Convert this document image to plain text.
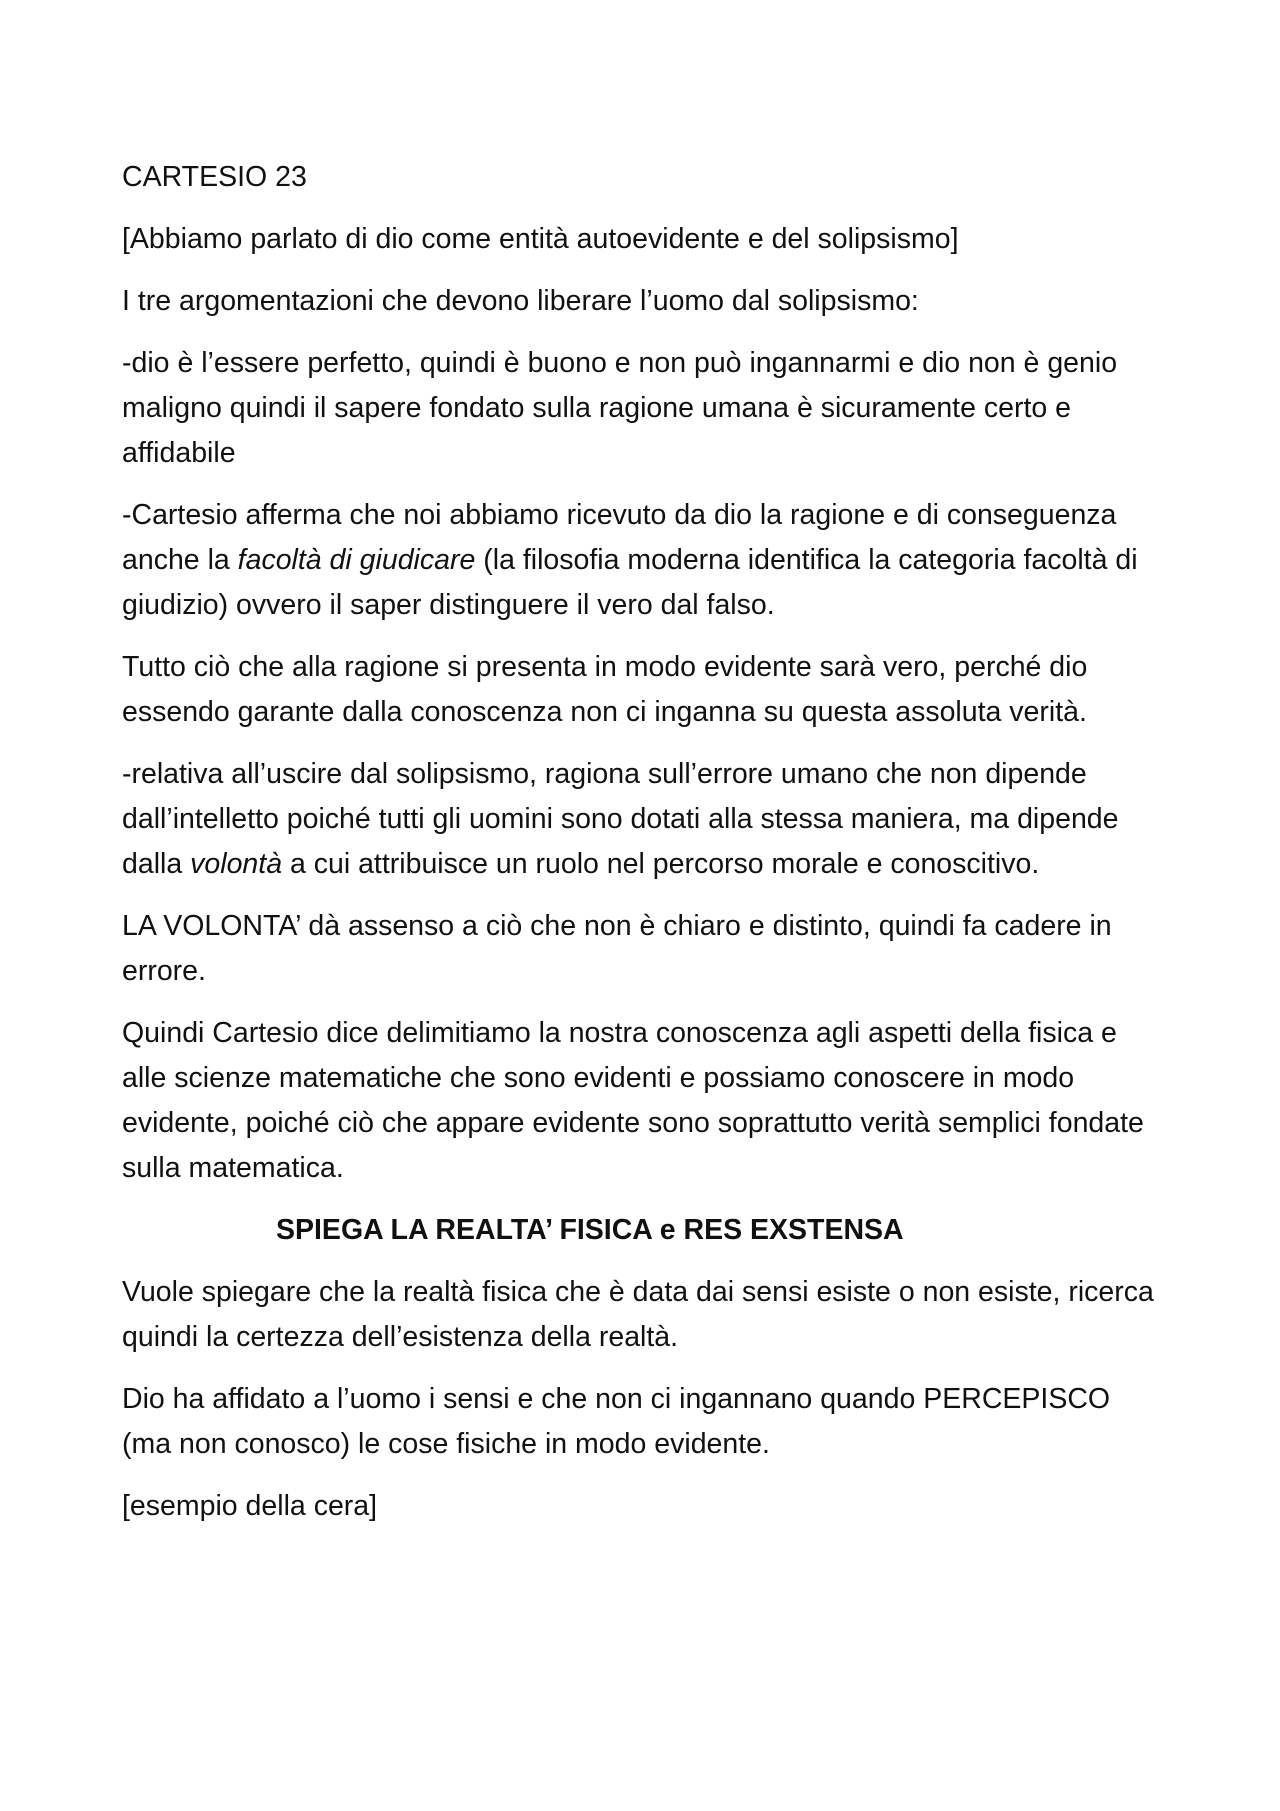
CARTESIO 23

[Abbiamo parlato di dio come entità autoevidente e del solipsismo]

I tre argomentazioni che devono liberare l’uomo dal solipsismo:

-dio è l’essere perfetto, quindi è buono e non può ingannarmi e dio non è genio maligno quindi il sapere fondato sulla ragione umana è sicuramente certo e affidabile

-Cartesio afferma che noi abbiamo ricevuto da dio la ragione e di conseguenza anche la facoltà di giudicare (la filosofia moderna identifica la categoria facoltà di giudizio) ovvero il saper distinguere il vero dal falso.

Tutto ciò che alla ragione si presenta in modo evidente sarà vero, perché dio essendo garante dalla conoscenza non ci inganna su questa assoluta verità.

-relativa all’uscire dal solipsismo, ragiona sull’errore umano che non dipende dall’intelletto poiché tutti gli uomini sono dotati alla stessa maniera, ma dipende dalla volontà a cui attribuisce un ruolo nel percorso morale e conoscitivo.

LA VOLONTA’ dà assenso a ciò che non è chiaro e distinto, quindi fa cadere in errore.

Quindi Cartesio dice delimitiamo la nostra conoscenza agli aspetti della fisica e alle scienze matematiche che sono evidenti e possiamo conoscere in modo evidente, poiché ciò che appare evidente sono soprattutto verità semplici fondate sulla matematica.

SPIEGA LA REALTA’ FISICA e RES EXSTENSA

Vuole spiegare che la realtà fisica che è data dai sensi esiste o non esiste, ricerca quindi la certezza dell’esistenza della realtà.

Dio ha affidato a l’uomo i sensi e che non ci ingannano quando PERCEPISCO (ma non conosco) le cose fisiche in modo evidente.

[esempio della cera]
